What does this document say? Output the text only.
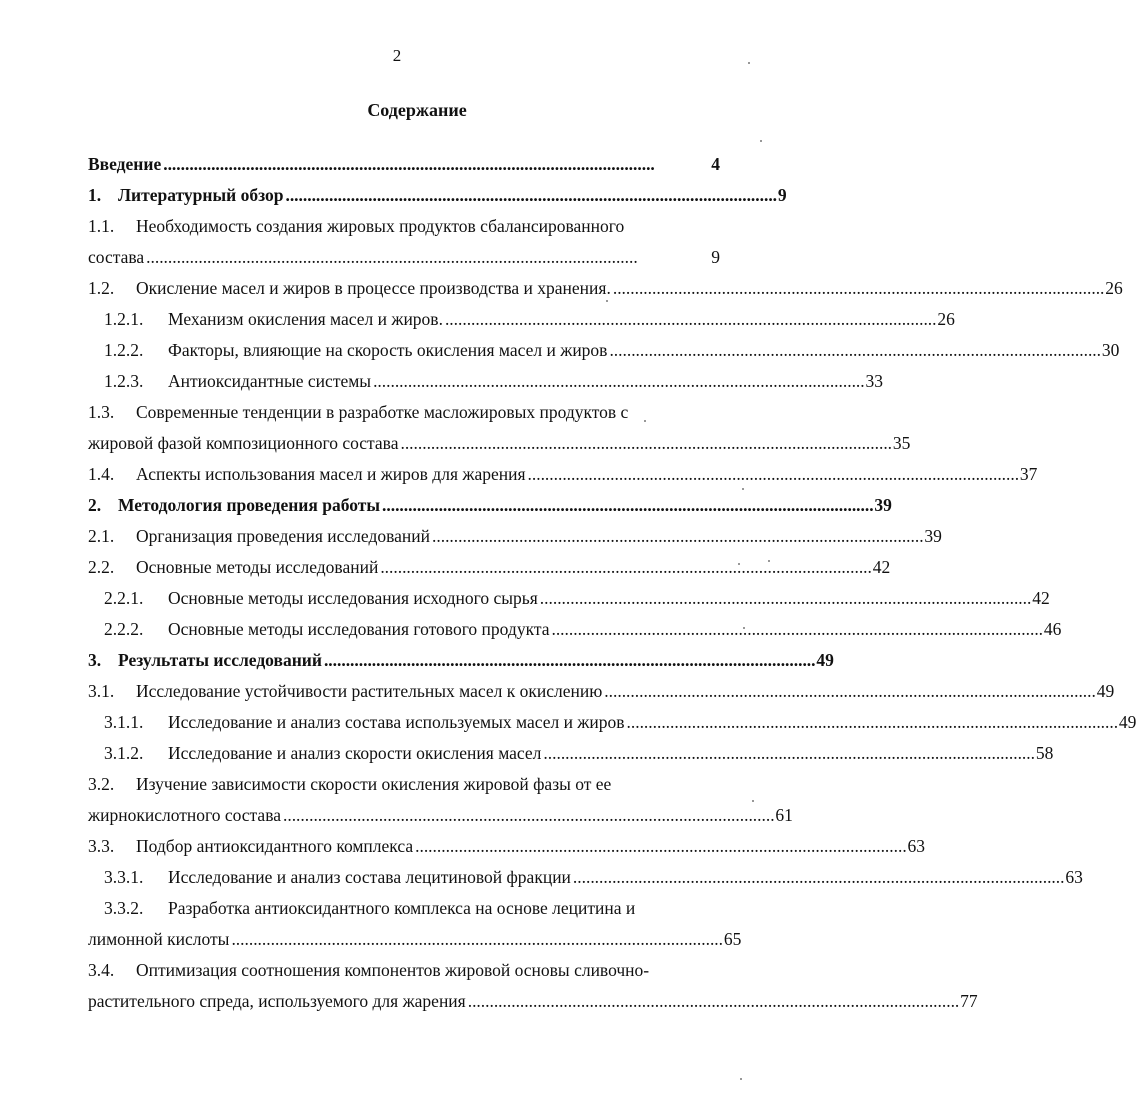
2
Содержание
Введение . . .	4
1. Литературный обзор . . .	9
1.1.	Необходимость создания жировых продуктов сбалансированного
состава . . .	9
1.2.	Окисление масел и жиров в процессе производства и хранения. . . .	26
1.2.1.	Механизм окисления масел и жиров. . . .	26
1.2.2.	Факторы, влияющие на скорость окисления масел и жиров . . .	30
1.2.3.	Антиоксидантные системы . . .	33
1.3.	Современные тенденции в разработке масложировых продуктов с
жировой фазой композиционного состава . . .	35
1.4.	Аспекты использования масел и жиров для жарения . . .	37
2. Методология проведения работы . . .	39
2.1.	Организация проведения исследований . . .	39
2.2.	Основные методы исследований . . .	42
2.2.1.	Основные методы исследования исходного сырья . . .	42
2.2.2.	Основные методы исследования готового продукта . . .	46
3. Результаты исследований . . .	49
3.1.	Исследование устойчивости растительных масел к окислению . . .	49
3.1.1.	Исследование и анализ состава используемых масел и жиров . . .	49
3.1.2.	Исследование и анализ скорости окисления масел . . .	58
3.2.	Изучение зависимости скорости окисления жировой фазы от ее
жирнокислотного состава . . .	61
3.3.	Подбор антиоксидантного комплекса . . .	63
3.3.1.	Исследование и анализ состава лецитиновой фракции . . .	63
3.3.2.	Разработка антиоксидантного комплекса на основе лецитина и
лимонной кислоты . . .	65
3.4.	Оптимизация соотношения компонентов жировой основы сливочно-
растительного спреда, используемого для жарения . . .	77
